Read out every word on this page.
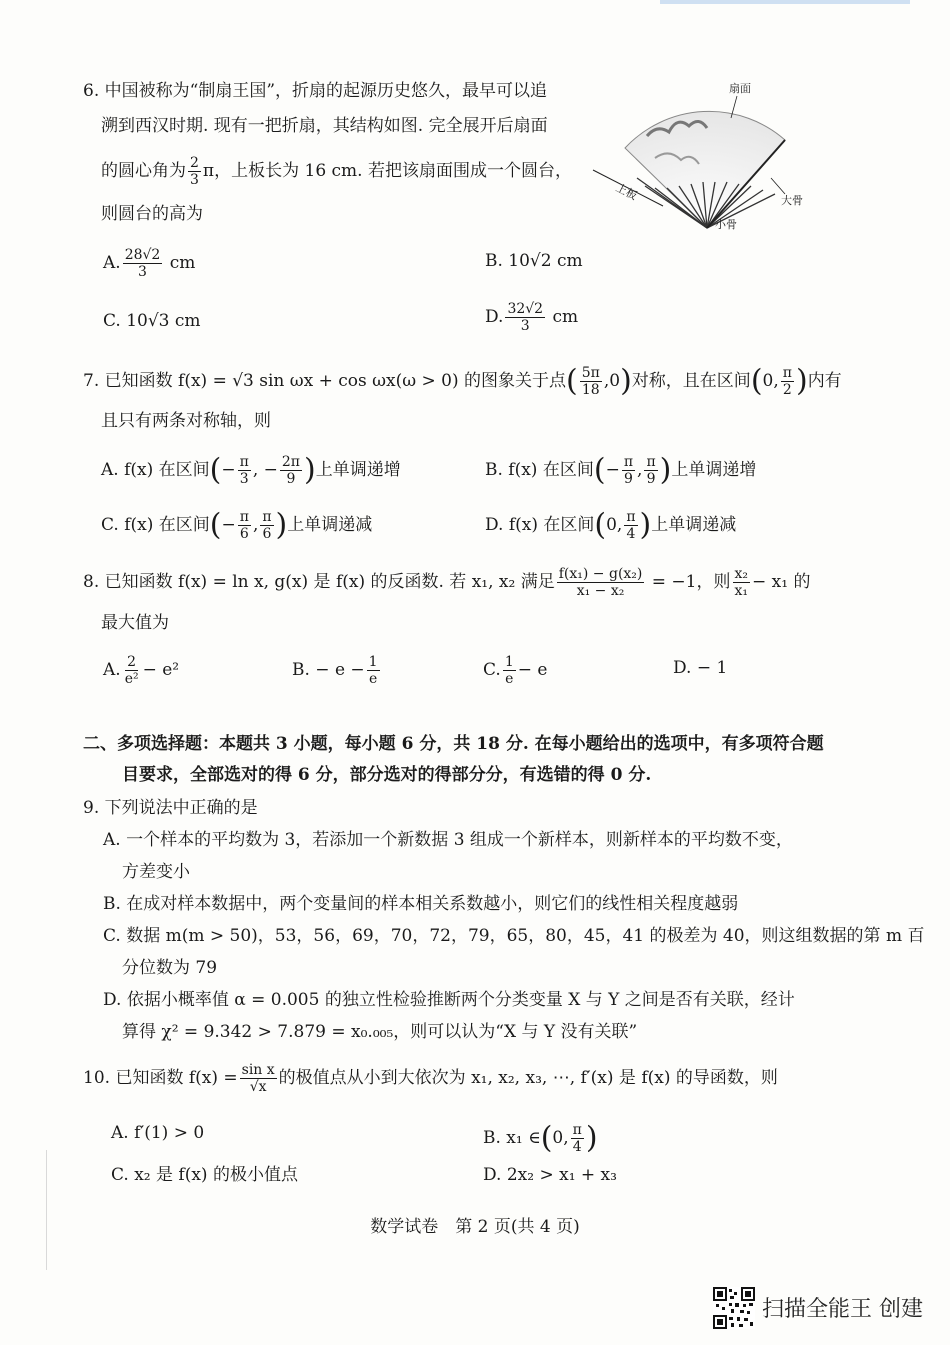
6. 中国被称为“制扇王国”，折扇的起源历史悠久，最早可以追
溯到西汉时期. 现有一把折扇，其结构如图. 完全展开后扇面
的圆心角为 $\frac{2}{3}$ π，上板长为 16 cm. 若把该扇面围成一个圆台，
则圆台的高为
A. $\frac{28√2}{3}$ cm	B. 10√2 cm
C. 10√3 cm	D. $\frac{32√2}{3}$ cm
扇面
上板
小骨
大骨
7. 已知函数 f(x) = √3 sin ωx + cos ωx(ω > 0) 的图象关于点( $\frac{5\pi}{18} ,0$)对称，且在区间(0, $\frac{\pi}{2}$ )内有
且只有两条对称轴，则
A. f(x) 在区间(− $\frac{\pi}{3}$ , − $\frac{2\pi}{9}$ )上单调递增	B. f(x) 在区间(− $\frac{\pi}{9}$ , $\frac{\pi}{9}$ )上单调递增
C. f(x) 在区间(− $\frac{\pi}{6}$ , $\frac{\pi}{6}$ )上单调递减	D. f(x) 在区间(0, $\frac{\pi}{4}$ )上单调递减
8. 已知函数 f(x) = ln x, g(x) 是 f(x) 的反函数. 若 x₁, x₂ 满足 $\frac{\text{f(x₁) − g(x₂)}}{\text{x₁ − x₂}} = -1$，则 $\frac{\text{x₂}}{\text{x₁}} - x_1$ 的
最大值为
A. $\frac{2}{\text{e²}} - e^2$	B. − $e - \frac{1}{e}$	C. $\frac{1}{e} - e$	D. − 1
二、多项选择题：本题共 3 小题，每小题 6 分，共 18 分. 在每小题给出的选项中，有多项符合题
目要求，全部选对的得 6 分，部分选对的得部分分，有选错的得 0 分.
9. 下列说法中正确的是
A. 一个样本的平均数为 3，若添加一个新数据 3 组成一个新样本，则新样本的平均数不变，
方差变小
B. 在成对样本数据中，两个变量间的样本相关系数越小，则它们的线性相关程度越弱
C. 数据 m(m > 50)，53，56，69，70，72，79，65，80，45，41 的极差为 40，则这组数据的第 m 百
分位数为 79
D. 依据小概率值 α = 0.005 的独立性检验推断两个分类变量 X 与 Y 之间是否有关联，经计
算得 χ² = 9.342 > 7.879 = x₀.₀₀₅，则可以认为“X 与 Y 没有关联”
10. 已知函数 $f(x) = \frac{\text{sin x}}{√x}$ 的极值点从小到大依次为 x₁, x₂, x₃, ⋯, f′(x) 是 f(x) 的导函数，则
A. f′(1) > 0	B. x₁ ∈(0, $\frac{\pi}{4}$ )
C. x₂ 是 f(x) 的极小值点	D. 2x₂ > x₁ + x₃
数学试卷　第 2 页(共 4 页)
扫描全能王 创建
